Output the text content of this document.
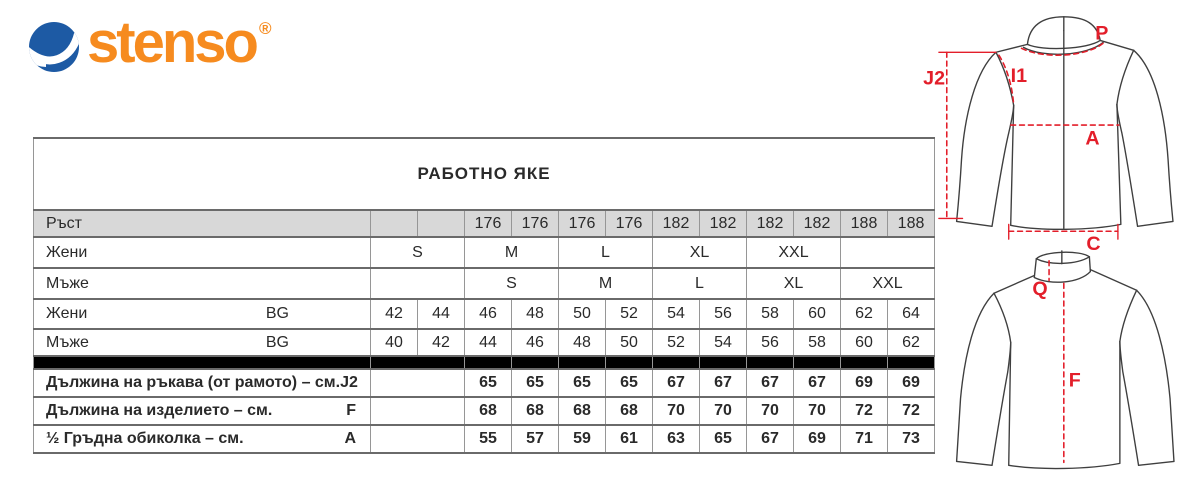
stenso ®
РАБОТНО ЯКЕ												

Ръст			176	176	176	176	182	182	182	182	188	188

Жени	S		M		L		XL		XXL			

Мъже			S		M		L		XL		XXL	

Жени BG	42	44	46	48	50	52	54	56	58	60	62	64

Мъже BG	40	42	44	46	48	50	52	54	56	58	60	62

Дължина на ръкава (от рамото) – см. J2			65	65	65	65	67	67	67	67	69	69

Дължина на изделието – см. F			68	68	68	68	70	70	70	70	72	72

½ Гръдна обиколка – см. A			55	57	59	61	63	65	67	69	71	73
P
J2	I1
A
C
Q
F
